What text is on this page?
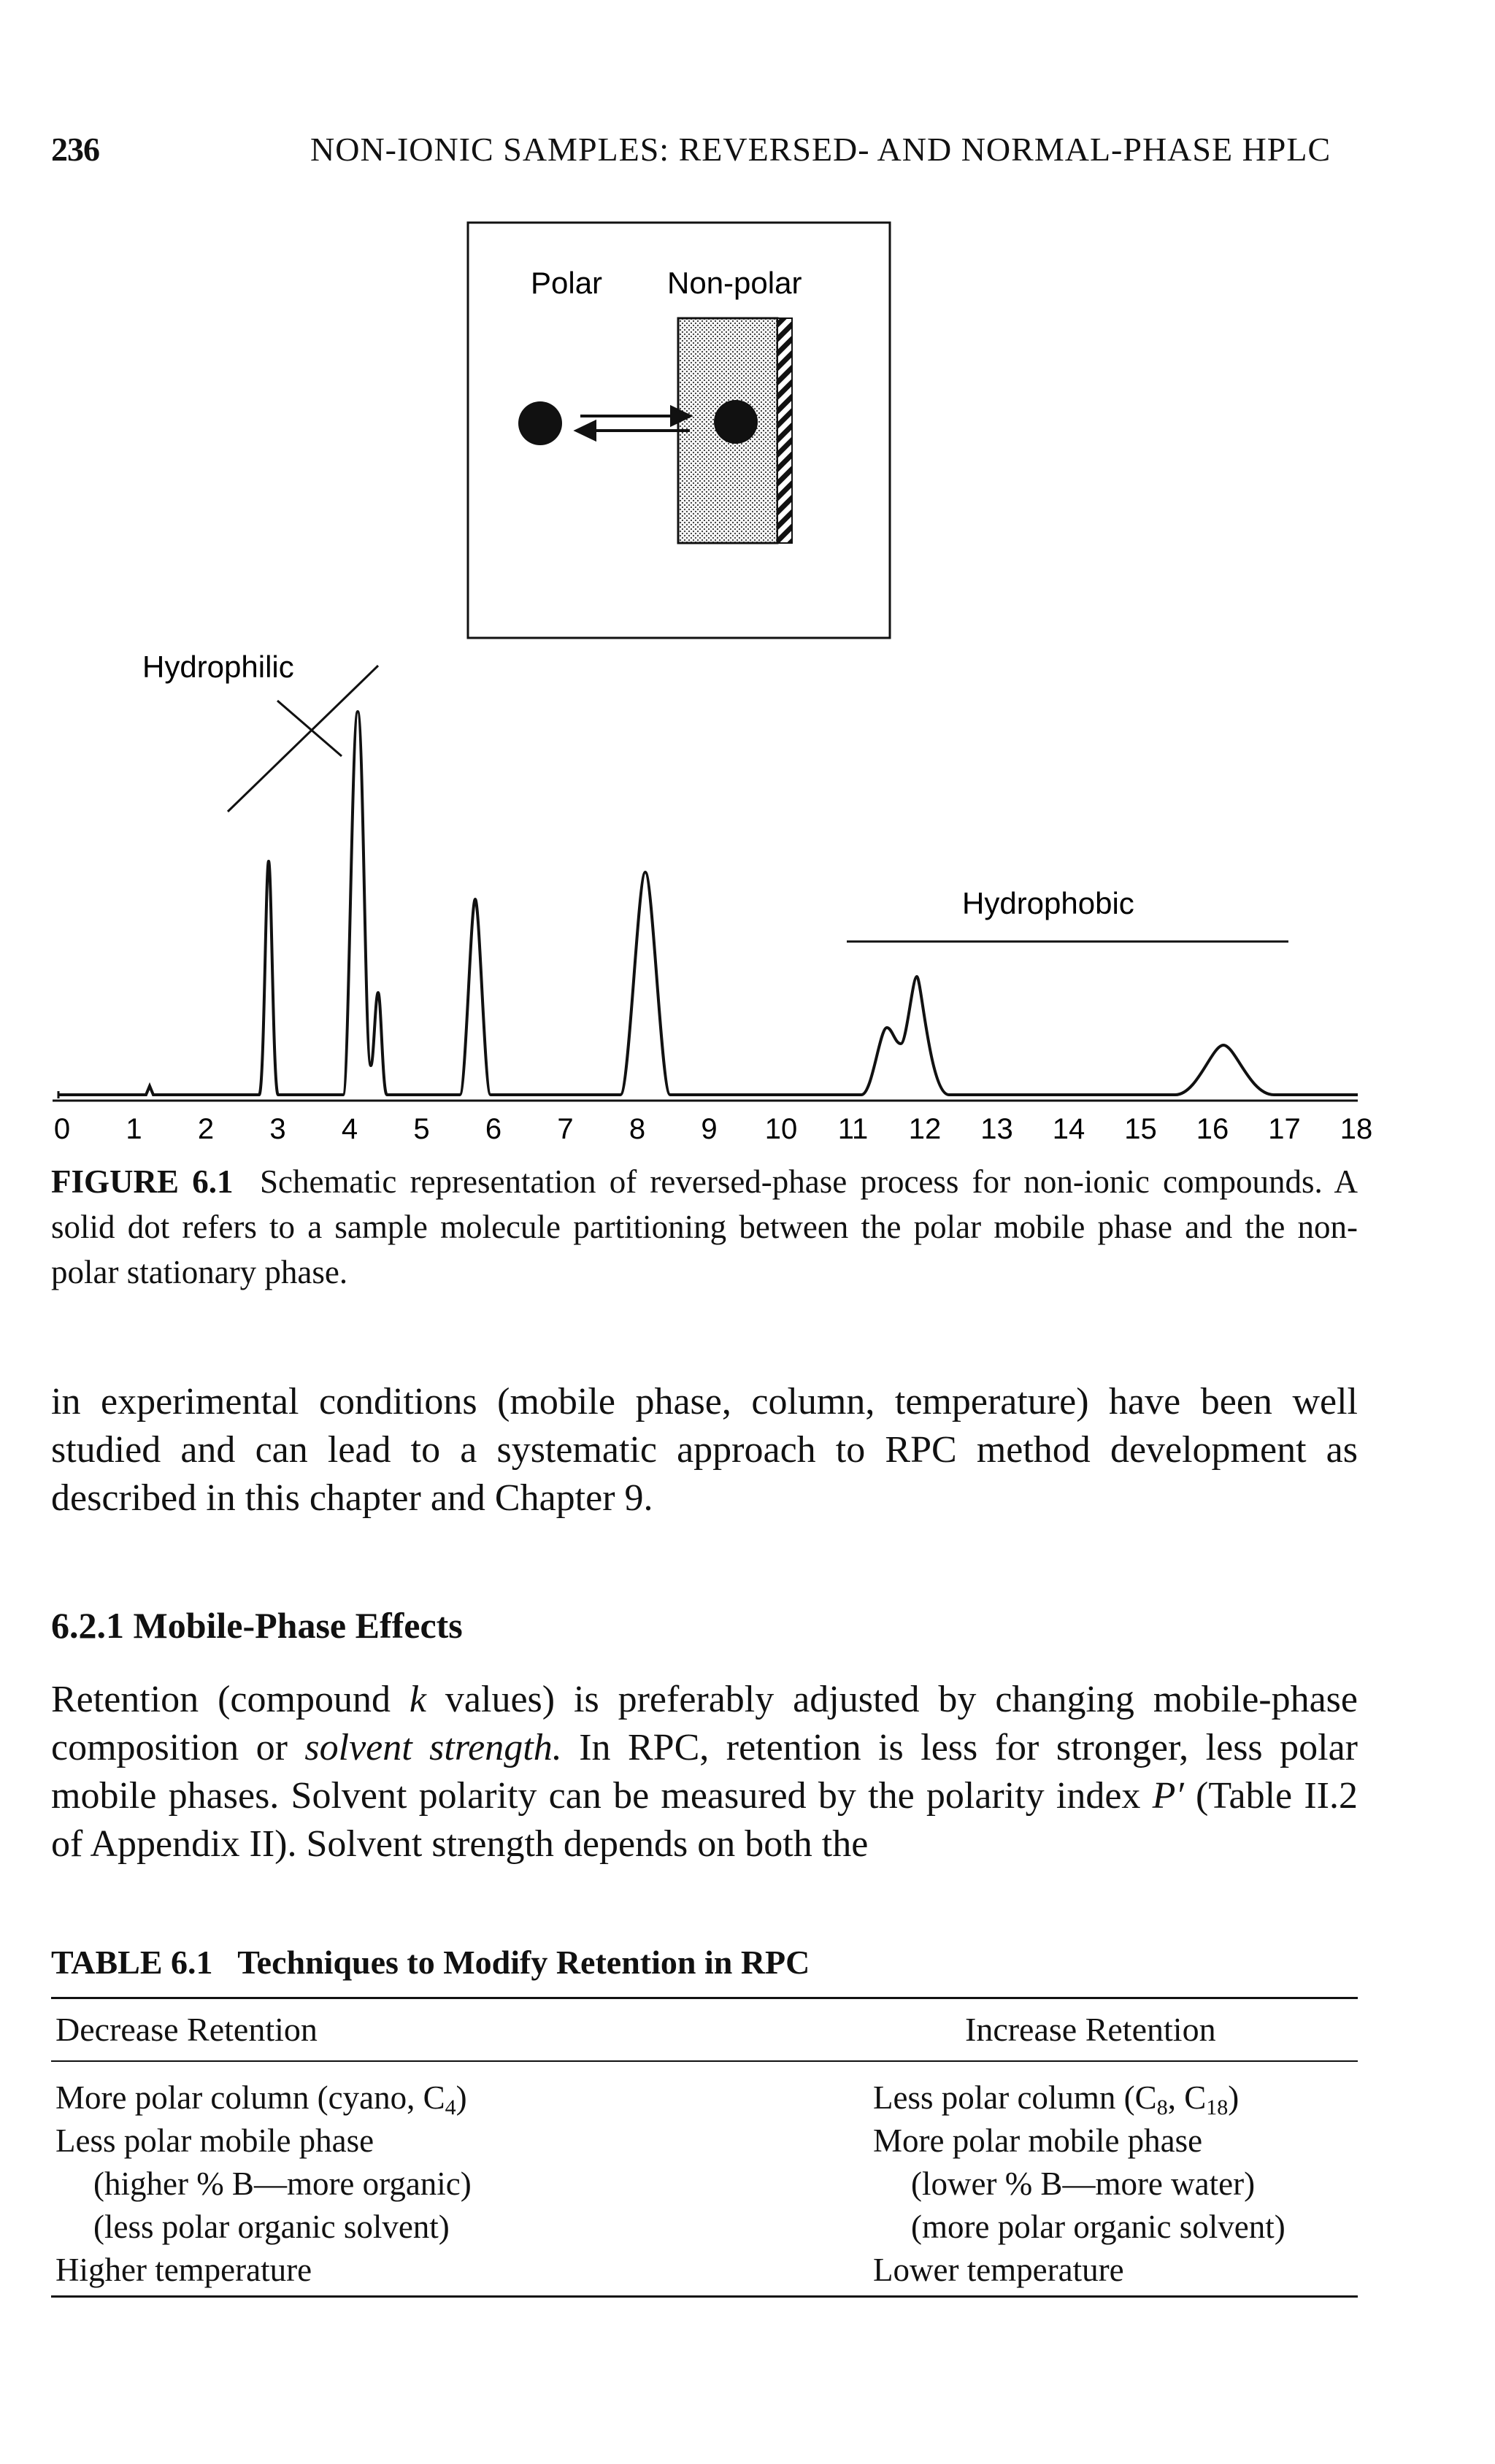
236	NON-IONIC SAMPLES: REVERSED- AND NORMAL-PHASE HPLC
Polar Non-polar
Hydrophilic
Hydrophobic
0 1 2 3 4 5 6 7 8 9 10 11 12 13 14 15 16 17 18
FIGURE 6.1 Schematic representation of reversed-phase process for non-ionic compounds. A solid dot refers to a sample molecule partitioning between the polar mobile phase and the non-polar stationary phase.
in experimental conditions (mobile phase, column, temperature) have been well studied and can lead to a systematic approach to RPC method development as described in this chapter and Chapter 9.
6.2.1 Mobile-Phase Effects
Retention (compound k values) is preferably adjusted by changing mobile-phase composition or solvent strength. In RPC, retention is less for stronger, less polar mobile phases. Solvent polarity can be measured by the polarity index P′ (Table II.2 of Appendix II). Solvent strength depends on both the
TABLE 6.1   Techniques to Modify Retention in RPC
Decrease Retention	Increase Retention
More polar column (cyano, $C_4$)
Less polar mobile phase
(higher % B—more organic)
(less polar organic solvent)
Higher temperature
Less polar column ($C_8$, $C_{18}$)
More polar mobile phase
(lower % B—more water)
(more polar organic solvent)
Lower temperature
